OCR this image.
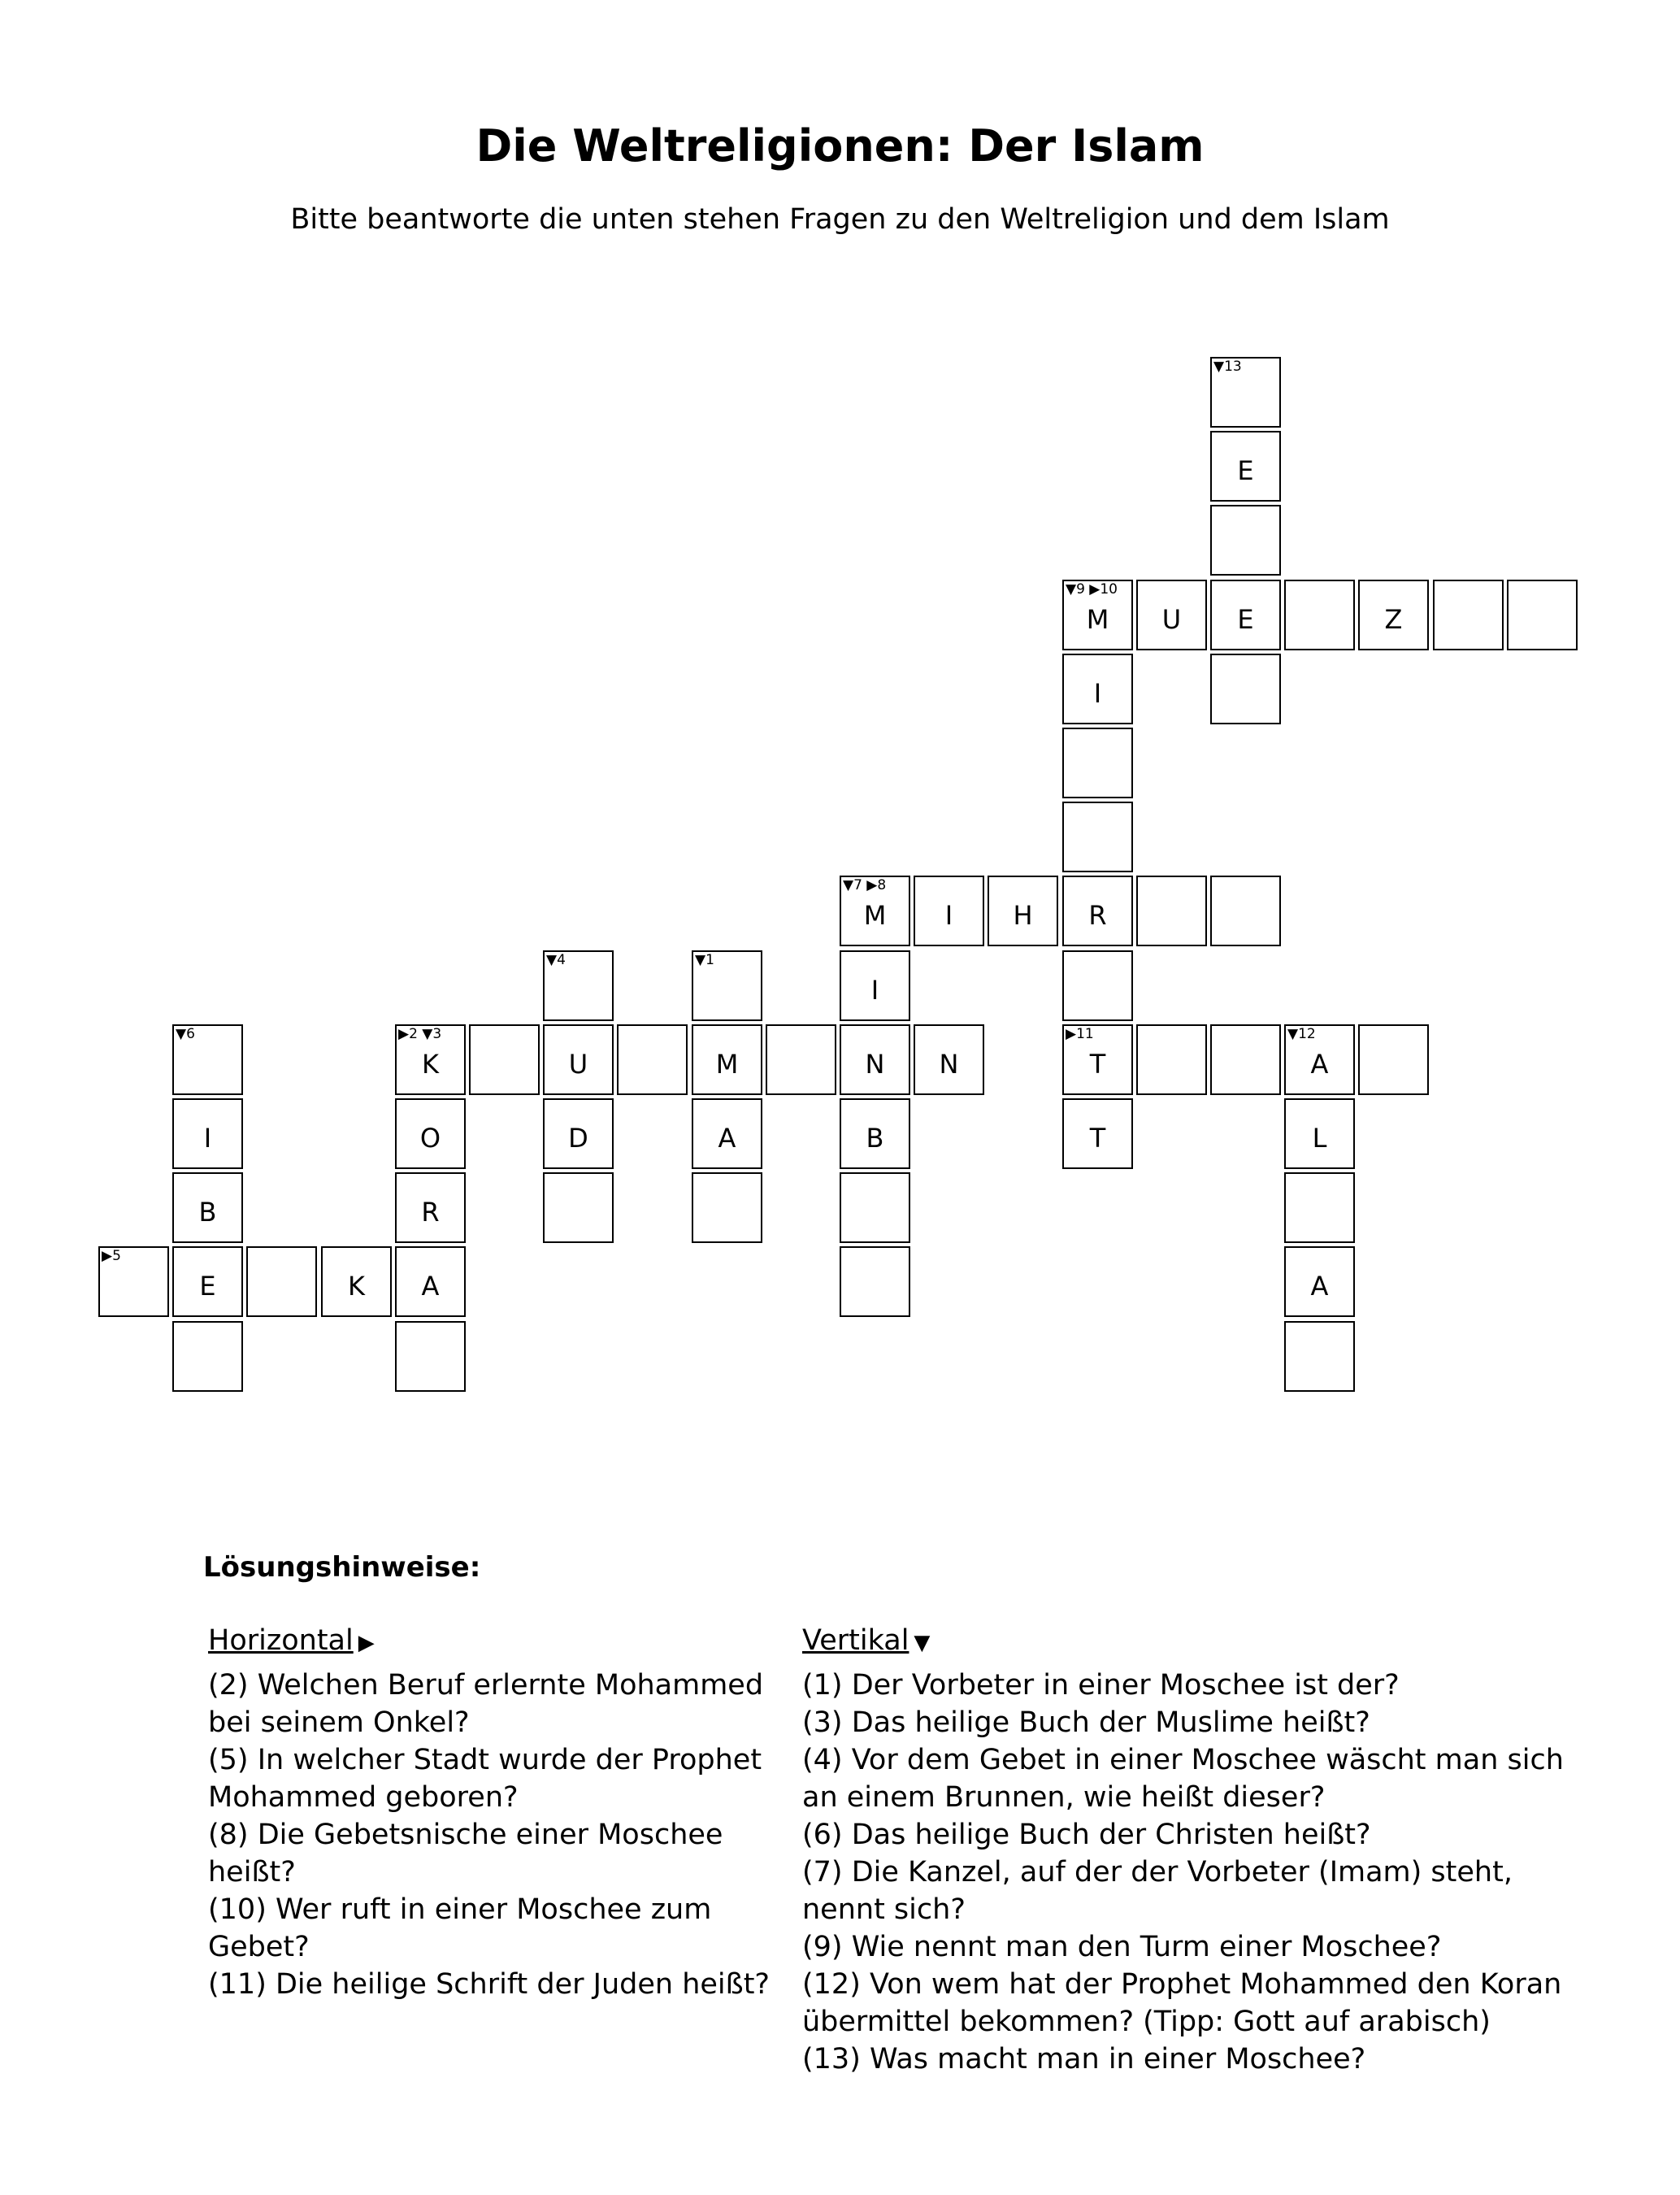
Die Weltreligionen: Der Islam

Bitte beantworte die unten stehen Fragen zu den Weltreligion und dem Islam

▼13
E
E
▼9 ▶10
M
I
R
▶11
T
T
▼7 ▶8
M
I
N
B
▼4
U
D
▼1
M
A
▼6
I
B
E
▶2 ▼3
K
O
R
A
▼12
A
L
A
U	Z
I	H
N
▶5
K
Lösungshinweise:
Horizontal ▶

(2) Welchen Beruf erlernte Mohammed bei seinem Onkel?

(5) In welcher Stadt wurde der Prophet Mohammed geboren?

(8) Die Gebetsnische einer Moschee heißt?

(10) Wer ruft in einer Moschee zum Gebet?

(11) Die heilige Schrift der Juden heißt?

Vertikal ▼

(1) Der Vorbeter in einer Moschee ist der?

(3) Das heilige Buch der Muslime heißt?

(4) Vor dem Gebet in einer Moschee wäscht man sich an einem Brunnen, wie heißt dieser?

(6) Das heilige Buch der Christen heißt?

(7) Die Kanzel, auf der der Vorbeter (Imam) steht, nennt sich?

(9) Wie nennt man den Turm einer Moschee?

(12) Von wem hat der Prophet Mohammed den Koran übermittel bekommen? (Tipp: Gott auf arabisch)

(13) Was macht man in einer Moschee?
